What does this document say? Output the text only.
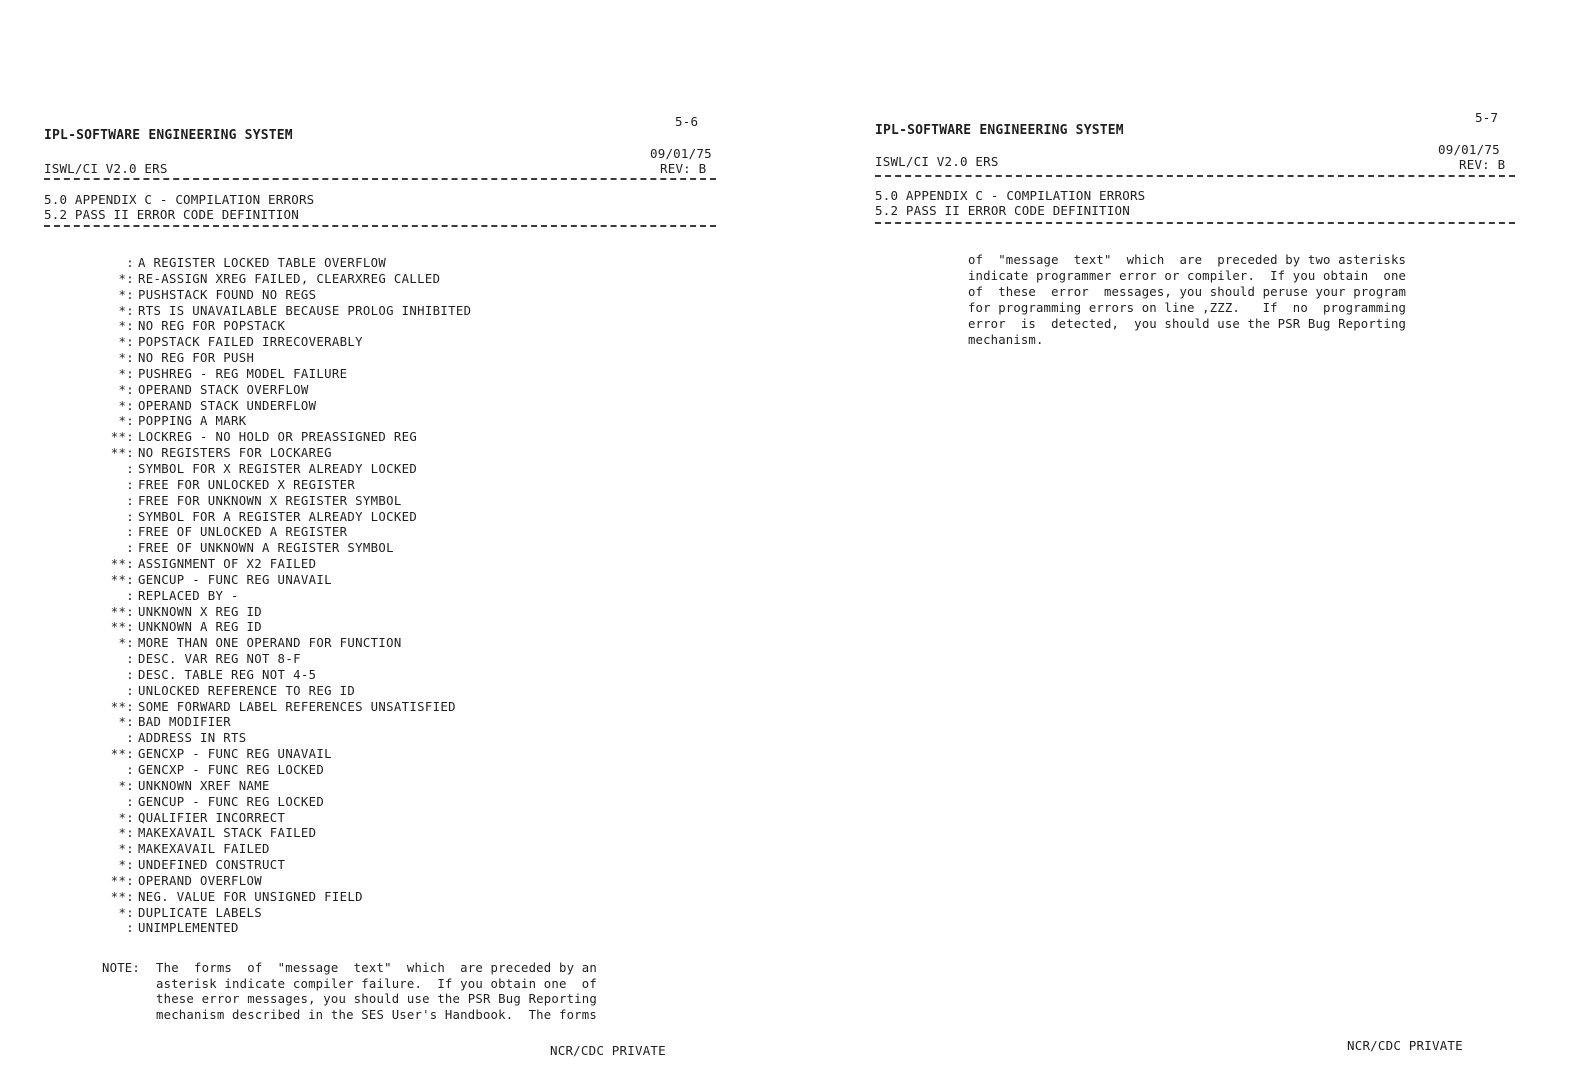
5-6
IPL-SOFTWARE ENGINEERING SYSTEM
09/01/75
ISWL/CI V2.0 ERS	REV: B
5.0 APPENDIX C - COMPILATION ERRORS
5.2 PASS II ERROR CODE DEFINITION
: A REGISTER LOCKED TABLE OVERFLOW
*: RE-ASSIGN XREG FAILED, CLEARXREG CALLED
*: PUSHSTACK FOUND NO REGS
*: RTS IS UNAVAILABLE BECAUSE PROLOG INHIBITED
*: NO REG FOR POPSTACK
*: POPSTACK FAILED IRRECOVERABLY
*: NO REG FOR PUSH
*: PUSHREG - REG MODEL FAILURE
*: OPERAND STACK OVERFLOW
*: OPERAND STACK UNDERFLOW
*: POPPING A MARK
**: LOCKREG - NO HOLD OR PREASSIGNED REG
**: NO REGISTERS FOR LOCKAREG
: SYMBOL FOR X REGISTER ALREADY LOCKED
: FREE FOR UNLOCKED X REGISTER
: FREE FOR UNKNOWN X REGISTER SYMBOL
: SYMBOL FOR A REGISTER ALREADY LOCKED
: FREE OF UNLOCKED A REGISTER
: FREE OF UNKNOWN A REGISTER SYMBOL
**: ASSIGNMENT OF X2 FAILED
**: GENCUP - FUNC REG UNAVAIL
: REPLACED BY -
**: UNKNOWN X REG ID
**: UNKNOWN A REG ID
*: MORE THAN ONE OPERAND FOR FUNCTION
: DESC. VAR REG NOT 8-F
: DESC. TABLE REG NOT 4-5
: UNLOCKED REFERENCE TO REG ID
**: SOME FORWARD LABEL REFERENCES UNSATISFIED
*: BAD MODIFIER
: ADDRESS IN RTS
**: GENCXP - FUNC REG UNAVAIL
: GENCXP - FUNC REG LOCKED
*: UNKNOWN XREF NAME
: GENCUP - FUNC REG LOCKED
*: QUALIFIER INCORRECT
*: MAKEXAVAIL STACK FAILED
*: MAKEXAVAIL FAILED
*: UNDEFINED CONSTRUCT
**: OPERAND OVERFLOW
**: NEG. VALUE FOR UNSIGNED FIELD
*: DUPLICATE LABELS
: UNIMPLEMENTED
NOTE: The  forms  of  "message  text"  which  are preceded by an
asterisk indicate compiler failure.  If you obtain one  of
these error messages, you should use the PSR Bug Reporting
mechanism described in the SES User's Handbook.  The forms
NCR/CDC PRIVATE
5-7
IPL-SOFTWARE ENGINEERING SYSTEM
09/01/75
ISWL/CI V2.0 ERS	REV: B
5.0 APPENDIX C - COMPILATION ERRORS
5.2 PASS II ERROR CODE DEFINITION
of  "message  text"  which  are  preceded by two asterisks
indicate programmer error or compiler.  If you obtain  one
of  these  error  messages, you should peruse your program
for programming errors on line ,ZZZ.   If  no  programming
error  is  detected,  you should use the PSR Bug Reporting
mechanism.
NCR/CDC PRIVATE
